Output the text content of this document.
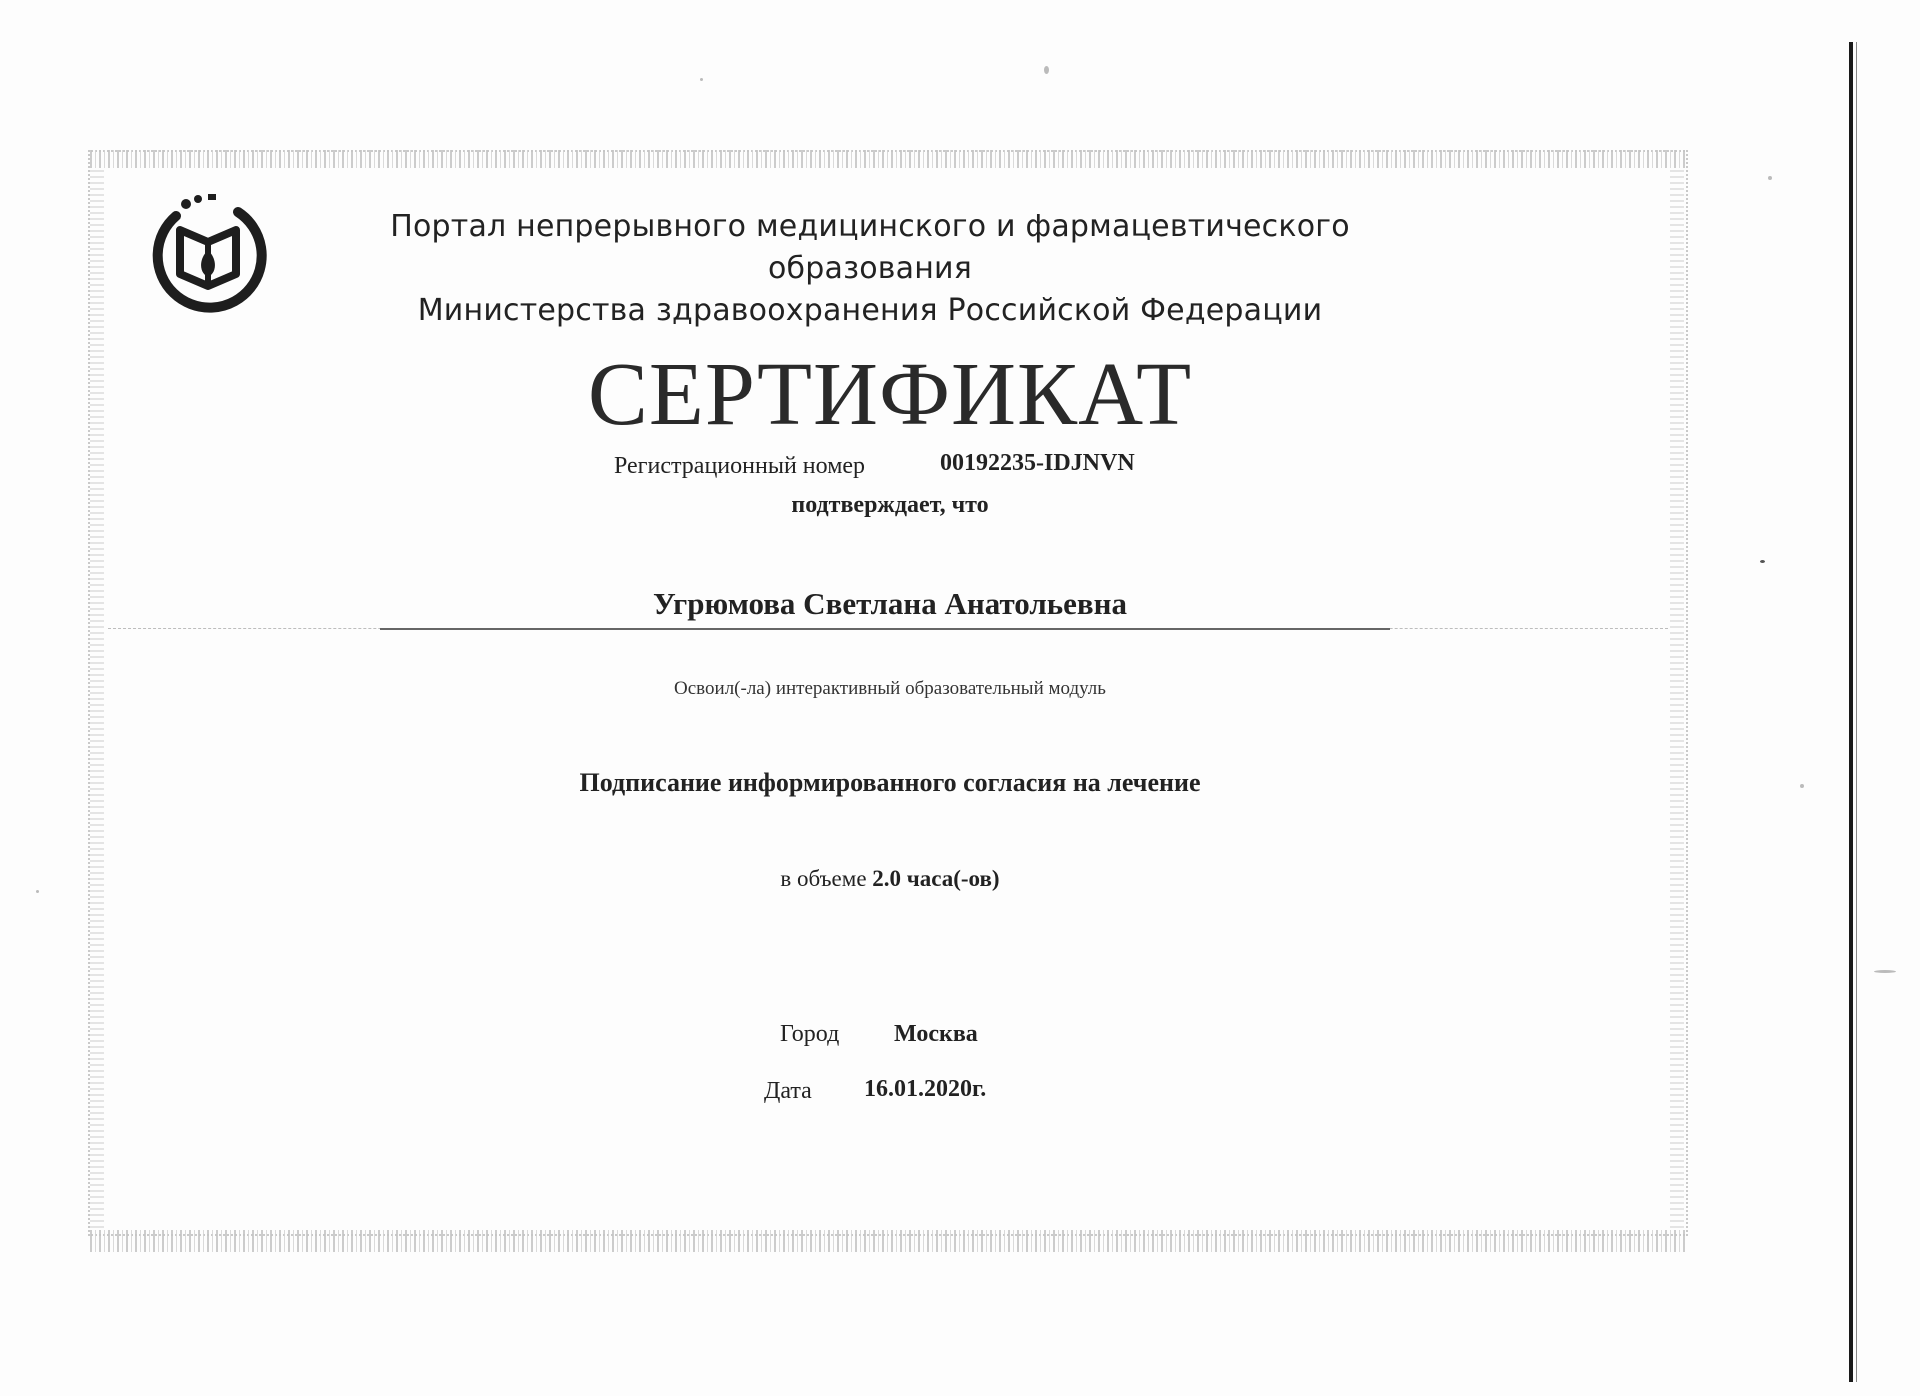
Портал непрерывного медицинского и фармацевтического образования
Министерства здравоохранения Российской Федерации
СЕРТИФИКАТ
Регистрационный номер	00192235-IDJNVN
подтверждает, что
Угрюмова Светлана Анатольевна
Освоил(-ла) интерактивный образовательный модуль
Подписание информированного согласия на лечение
в объеме 2.0 часа(-ов)
Город Москва
Дата 16.01.2020г.
